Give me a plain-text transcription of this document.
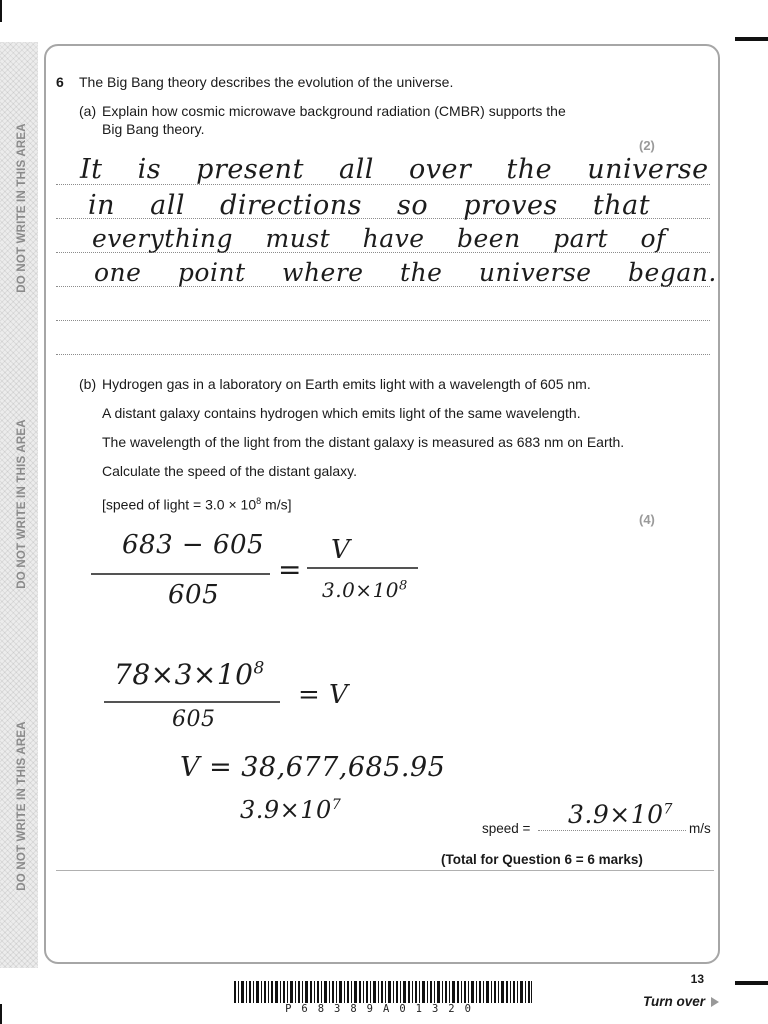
DO NOT WRITE IN THIS AREA
DO NOT WRITE IN THIS AREA
DO NOT WRITE IN THIS AREA
6 The Big Bang theory describes the evolution of the universe.
(a) Explain how cosmic microwave background radiation (CMBR) supports the
Big Bang theory.
(2)
It is present all over the universe
in all directions so proves that
everything must have been part of
one point where the universe began.
(b) Hydrogen gas in a laboratory on Earth emits light with a wavelength of 605 nm.
A distant galaxy contains hydrogen which emits light of the same wavelength.
The wavelength of the light from the distant galaxy is measured as 683 nm on Earth.
Calculate the speed of the distant galaxy.
[speed of light = $3.0 \times 10^8$ m/s]
(4)
683 − 605
605
=
V
$3.0\times 10^8$
$78\times 3\times 10^8$
605
= V
V = 38,677,685.95
$3.9\times 10^7$
speed = $3.9\times 10^7$
m/s
(Total for Question 6 = 6 marks)
13
P68389A01320	Turn over
